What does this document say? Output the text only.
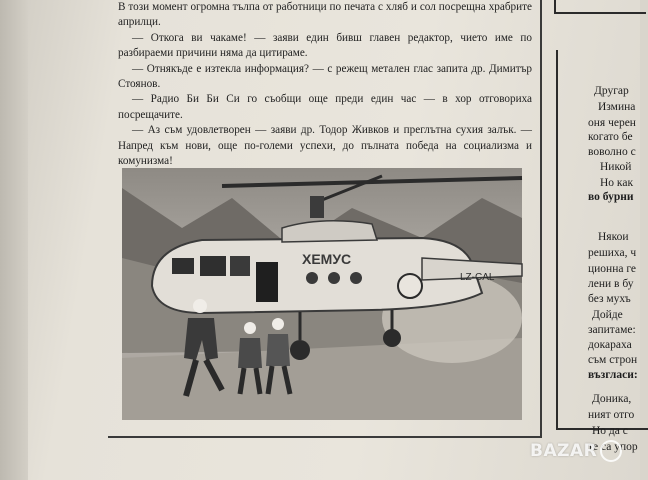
В този момент огромна тълпа от работници по печата с хляб и сол посрещна храбрите априлци.

— Откога ви чакаме! — заяви един бивш главен редактор, чието име по разбираеми причини няма да цитираме.

— Отнякъде е изтекла информация? — с режещ метален глас запита др. Димитър Стоянов.

— Радио Би Би Си го съобщи още преди един час — в хор отговориха посрещачите.

— Аз съм удовлетворен — заяви др. Тодор Живков и преглътна сухия залък. — Напред към нови, още по-големи успехи, до пълната победа на социализма и комунизма!

ХЕМУС
LZ-CAL
Другар
Измина
оня черен
когато бе
воволно с
Никой
Но как
во бурни
Някои
решиха, ч
ционна ге
лени в бу
без мухъ
Дойде
запитаме:
докараха
съм строн
възгласи:
Доника,
ният отго
Но да с
те са упор
BAZAR
